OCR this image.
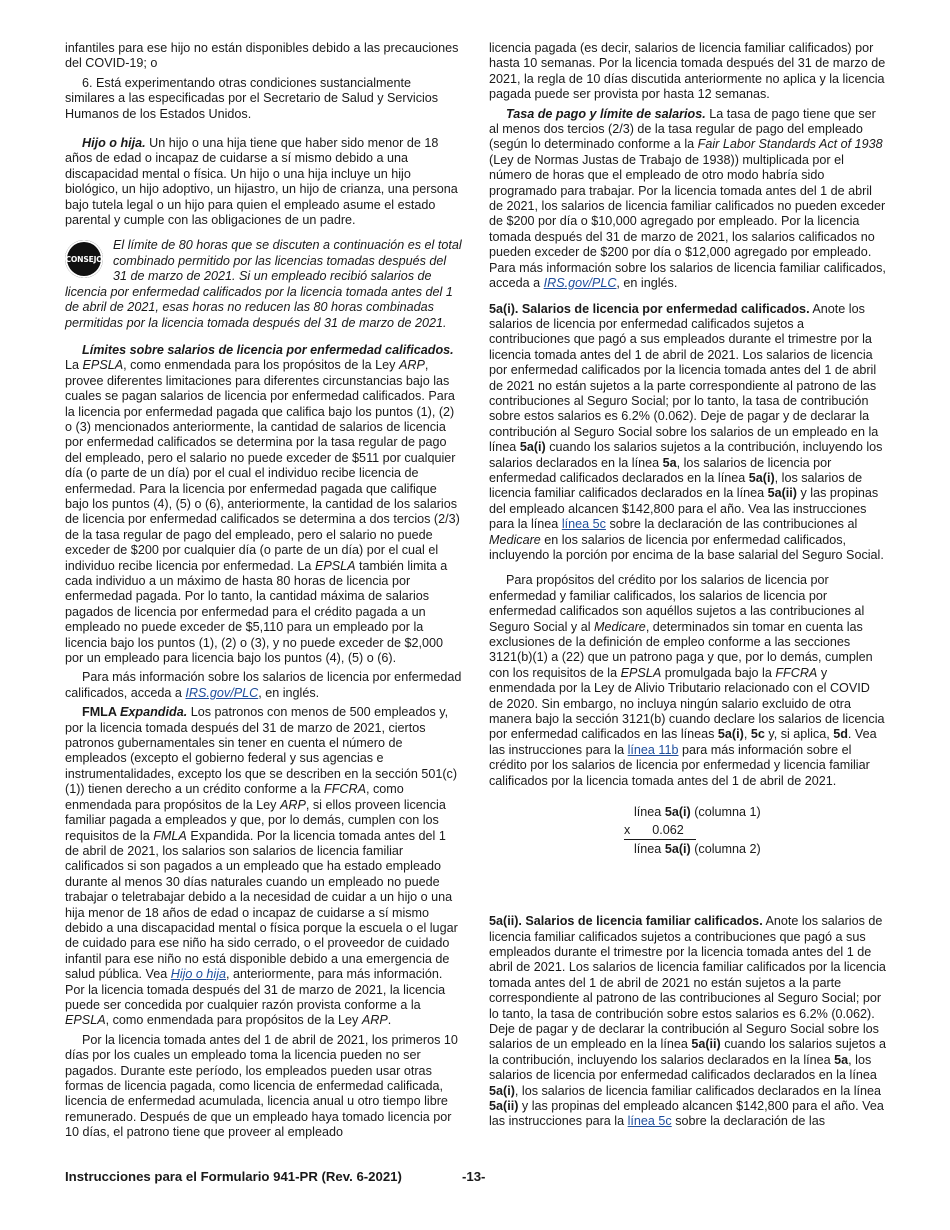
infantiles para ese hijo no están disponibles debido a las precauciones del COVID-19; o

6. Está experimentando otras condiciones sustancialmente similares a las especificadas por el Secretario de Salud y Servicios Humanos de los Estados Unidos.

Hijo o hija. Un hijo o una hija tiene que haber sido menor de 18 años de edad o incapaz de cuidarse a sí mismo debido a una discapacidad mental o física. Un hijo o una hija incluye un hijo biológico, un hijo adoptivo, un hijastro, un hijo de crianza, una persona bajo tutela legal o un hijo para quien el empleado asume el estado parental y cumple con las obligaciones de un padre.

CONSEJO
El límite de 80 horas que se discuten a continuación es el total combinado permitido por las licencias tomadas después del 31 de marzo de 2021. Si un empleado recibió salarios de licencia por enfermedad calificados por la licencia tomada antes del 1 de abril de 2021, esas horas no reducen las 80 horas combinadas permitidas por la licencia tomada después del 31 de marzo de 2021.

Límites sobre salarios de licencia por enfermedad calificados. La EPSLA, como enmendada para los propósitos de la Ley ARP, provee diferentes limitaciones para diferentes circunstancias bajo las cuales se pagan salarios de licencia por enfermedad calificados. Para la licencia por enfermedad pagada que califica bajo los puntos (1), (2) o (3) mencionados anteriormente, la cantidad de salarios de licencia por enfermedad calificados se determina por la tasa regular de pago del empleado, pero el salario no puede exceder de $511 por cualquier día (o parte de un día) por el cual el individuo recibe licencia de enfermedad. Para la licencia por enfermedad pagada que califique bajo los puntos (4), (5) o (6), anteriormente, la cantidad de los salarios de licencia por enfermedad calificados se determina a dos tercios (2/3) de la tasa regular de pago del empleado, pero el salario no puede exceder de $200 por cualquier día (o parte de un día) por el cual el individuo recibe licencia por enfermedad. La EPSLA también limita a cada individuo a un máximo de hasta 80 horas de licencia por enfermedad pagada. Por lo tanto, la cantidad máxima de salarios pagados de licencia por enfermedad para el crédito pagada a un empleado no puede exceder de $5,110 para un empleado por la licencia bajo los puntos (1), (2) o (3), y no puede exceder de $2,000 por un empleado para licencia bajo los puntos (4), (5) o (6).

Para más información sobre los salarios de licencia por enfermedad calificados, acceda a IRS.gov/PLC, en inglés.

FMLA Expandida. Los patronos con menos de 500 empleados y, por la licencia tomada después del 31 de marzo de 2021, ciertos patronos gubernamentales sin tener en cuenta el número de empleados (excepto el gobierno federal y sus agencias e instrumentalidades, excepto los que se describen en la sección 501(c)(1)) tienen derecho a un crédito conforme a la FFCRA, como enmendada para propósitos de la Ley ARP, si ellos proveen licencia familiar pagada a empleados y que, por lo demás, cumplen con los requisitos de la FMLA Expandida. Por la licencia tomada antes del 1 de abril de 2021, los salarios son salarios de licencia familiar calificados si son pagados a un empleado que ha estado empleado durante al menos 30 días naturales cuando un empleado no puede trabajar o teletrabajar debido a la necesidad de cuidar a un hijo o una hija menor de 18 años de edad o incapaz de cuidarse a sí mismo debido a una discapacidad mental o física porque la escuela o el lugar de cuidado para ese niño ha sido cerrado, o el proveedor de cuidado infantil para ese niño no está disponible debido a una emergencia de salud pública. Vea Hijo o hija, anteriormente, para más información. Por la licencia tomada después del 31 de marzo de 2021, la licencia puede ser concedida por cualquier razón provista conforme a la EPSLA, como enmendada para propósitos de la Ley ARP.

Por la licencia tomada antes del 1 de abril de 2021, los primeros 10 días por los cuales un empleado toma la licencia pueden no ser pagados. Durante este período, los empleados pueden usar otras formas de licencia pagada, como licencia de enfermedad calificada, licencia de enfermedad acumulada, licencia anual u otro tiempo libre remunerado. Después de que un empleado haya tomado licencia por 10 días, el patrono tiene que proveer al empleado

licencia pagada (es decir, salarios de licencia familiar calificados) por hasta 10 semanas. Por la licencia tomada después del 31 de marzo de 2021, la regla de 10 días discutida anteriormente no aplica y la licencia pagada puede ser provista por hasta 12 semanas.

Tasa de pago y límite de salarios. La tasa de pago tiene que ser al menos dos tercios (2/3) de la tasa regular de pago del empleado (según lo determinado conforme a la Fair Labor Standards Act of 1938 (Ley de Normas Justas de Trabajo de 1938)) multiplicada por el número de horas que el empleado de otro modo habría sido programado para trabajar. Por la licencia tomada antes del 1 de abril de 2021, los salarios de licencia familiar calificados no pueden exceder de $200 por día o $10,000 agregado por empleado. Por la licencia tomada después del 31 de marzo de 2021, los salarios calificados no pueden exceder de $200 por día o $12,000 agregado por empleado.

Para más información sobre los salarios de licencia familiar calificados, acceda a IRS.gov/PLC, en inglés.

5a(i). Salarios de licencia por enfermedad calificados. Anote los salarios de licencia por enfermedad calificados sujetos a contribuciones que pagó a sus empleados durante el trimestre por la licencia tomada antes del 1 de abril de 2021. Los salarios de licencia por enfermedad calificados por la licencia tomada antes del 1 de abril de 2021 no están sujetos a la parte correspondiente al patrono de las contribuciones al Seguro Social; por lo tanto, la tasa de contribución sobre estos salarios es 6.2% (0.062). Deje de pagar y de declarar la contribución al Seguro Social sobre los salarios de un empleado en la línea 5a(i) cuando los salarios sujetos a la contribución, incluyendo los salarios declarados en la línea 5a, los salarios de licencia por enfermedad calificados declarados en la línea 5a(i), los salarios de licencia familiar calificados declarados en la línea 5a(ii) y las propinas del empleado alcancen $142,800 para el año. Vea las instrucciones para la línea línea 5c sobre la declaración de las contribuciones al Medicare en los salarios de licencia por enfermedad calificados, incluyendo la porción por encima de la base salarial del Seguro Social.

Para propósitos del crédito por los salarios de licencia por enfermedad y familiar calificados, los salarios de licencia por enfermedad calificados son aquéllos sujetos a las contribuciones al Seguro Social y al Medicare, determinados sin tomar en cuenta las exclusiones de la definición de empleo conforme a las secciones 3121(b)(1) a (22) que un patrono paga y que, por lo demás, cumplen con los requisitos de la EPSLA promulgada bajo la FFCRA y enmendada por la Ley de Alivio Tributario relacionado con el COVID de 2020. Sin embargo, no incluya ningún salario excluido de otra manera bajo la sección 3121(b) cuando declare los salarios de licencia por enfermedad calificados en las líneas 5a(i), 5c y, si aplica, 5d. Vea las instrucciones para la línea 11b para más información sobre el crédito por los salarios de licencia por enfermedad y licencia familiar calificados por la licencia tomada antes del 1 de abril de 2021.

línea 5a(i) (columna 1)
x 0.062
línea 5a(i) (columna 2)

5a(ii). Salarios de licencia familiar calificados. Anote los salarios de licencia familiar calificados sujetos a contribuciones que pagó a sus empleados durante el trimestre por la licencia tomada antes del 1 de abril de 2021. Los salarios de licencia familiar calificados por la licencia tomada antes del 1 de abril de 2021 no están sujetos a la parte correspondiente al patrono de las contribuciones al Seguro Social; por lo tanto, la tasa de contribución sobre estos salarios es 6.2% (0.062). Deje de pagar y de declarar la contribución al Seguro Social sobre los salarios de un empleado en la línea 5a(ii) cuando los salarios sujetos a la contribución, incluyendo los salarios declarados en la línea 5a, los salarios de licencia por enfermedad calificados declarados en la línea 5a(i), los salarios de licencia familiar calificados declarados en la línea 5a(ii) y las propinas del empleado alcancen $142,800 para el año. Vea las instrucciones para la línea 5c sobre la declaración de las

Instrucciones para el Formulario 941-PR (Rev. 6-2021)	-13-
